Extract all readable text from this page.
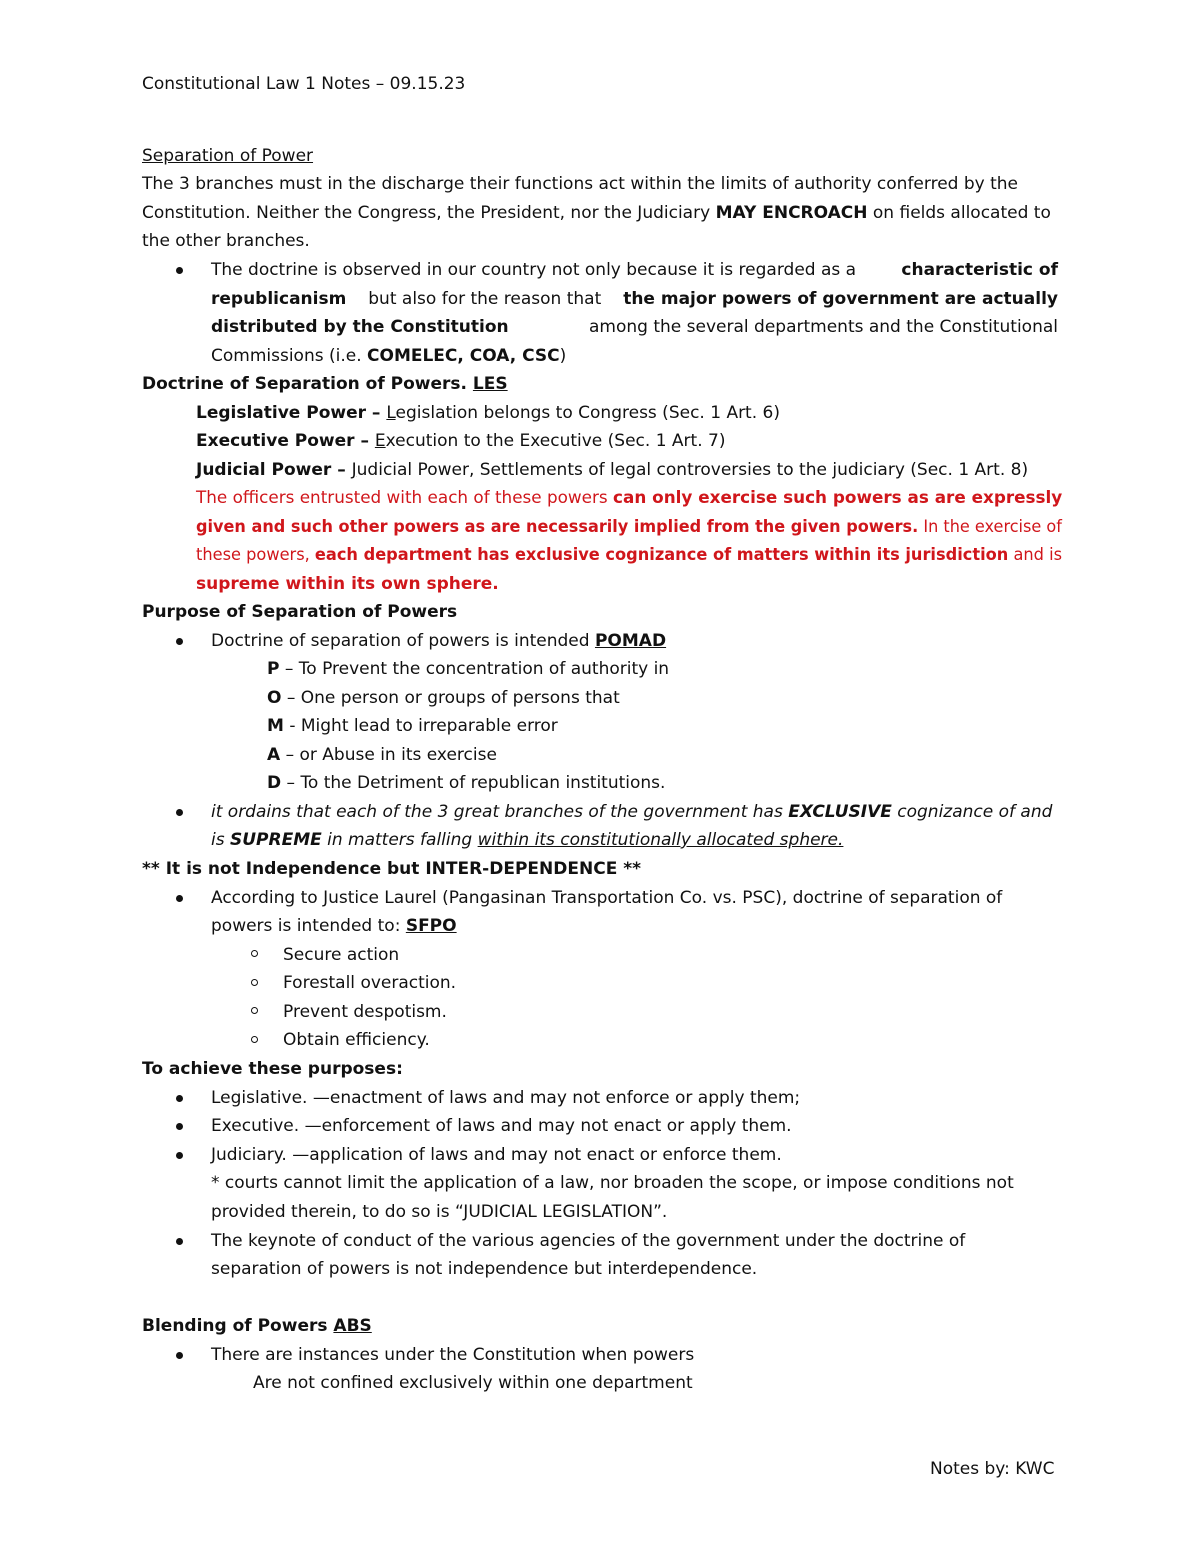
Constitutional Law 1 Notes – 09.15.23
Separation of Power
The 3 branches must in the discharge their functions act within the limits of authority conferred by the
Constitution. Neither the Congress, the President, nor the Judiciary MAY ENCROACH on fields allocated to
the other branches.
The doctrine is observed in our country not only because it is regarded as a	characteristic of
republicanism but also for the reason that the major powers of government are actually
distributed by the Constitution	among the several departments and the Constitutional
Commissions (i.e. COMELEC, COA, CSC)
Doctrine of Separation of Powers. LES
Legislative Power – Legislation belongs to Congress (Sec. 1 Art. 6)
Executive Power – Execution to the Executive (Sec. 1 Art. 7)
Judicial Power – Judicial Power, Settlements of legal controversies to the judiciary (Sec. 1 Art. 8)
The officers entrusted with each of these powers can only exercise such powers as are expressly
given and such other powers as are necessarily implied from the given powers. In the exercise of
these powers, each department has exclusive cognizance of matters within its jurisdiction and is
supreme within its own sphere.
Purpose of Separation of Powers
Doctrine of separation of powers is intended POMAD
P – To Prevent the concentration of authority in
O – One person or groups of persons that
M - Might lead to irreparable error
A – or Abuse in its exercise
D – To the Detriment of republican institutions.
it ordains that each of the 3 great branches of the government has EXCLUSIVE cognizance of and
is SUPREME in matters falling within its constitutionally allocated sphere.
** It is not Independence but INTER-DEPENDENCE **
According to Justice Laurel (Pangasinan Transportation Co. vs. PSC), doctrine of separation of
powers is intended to: SFPO
Secure action
Forestall overaction.
Prevent despotism.
Obtain efficiency.
To achieve these purposes:
Legislative. —enactment of laws and may not enforce or apply them;
Executive. —enforcement of laws and may not enact or apply them.
Judiciary. —application of laws and may not enact or enforce them.
* courts cannot limit the application of a law, nor broaden the scope, or impose conditions not
provided therein, to do so is “JUDICIAL LEGISLATION”.
The keynote of conduct of the various agencies of the government under the doctrine of
separation of powers is not independence but interdependence.
Blending of Powers ABS
There are instances under the Constitution when powers
Are not confined exclusively within one department
Notes by: KWC
